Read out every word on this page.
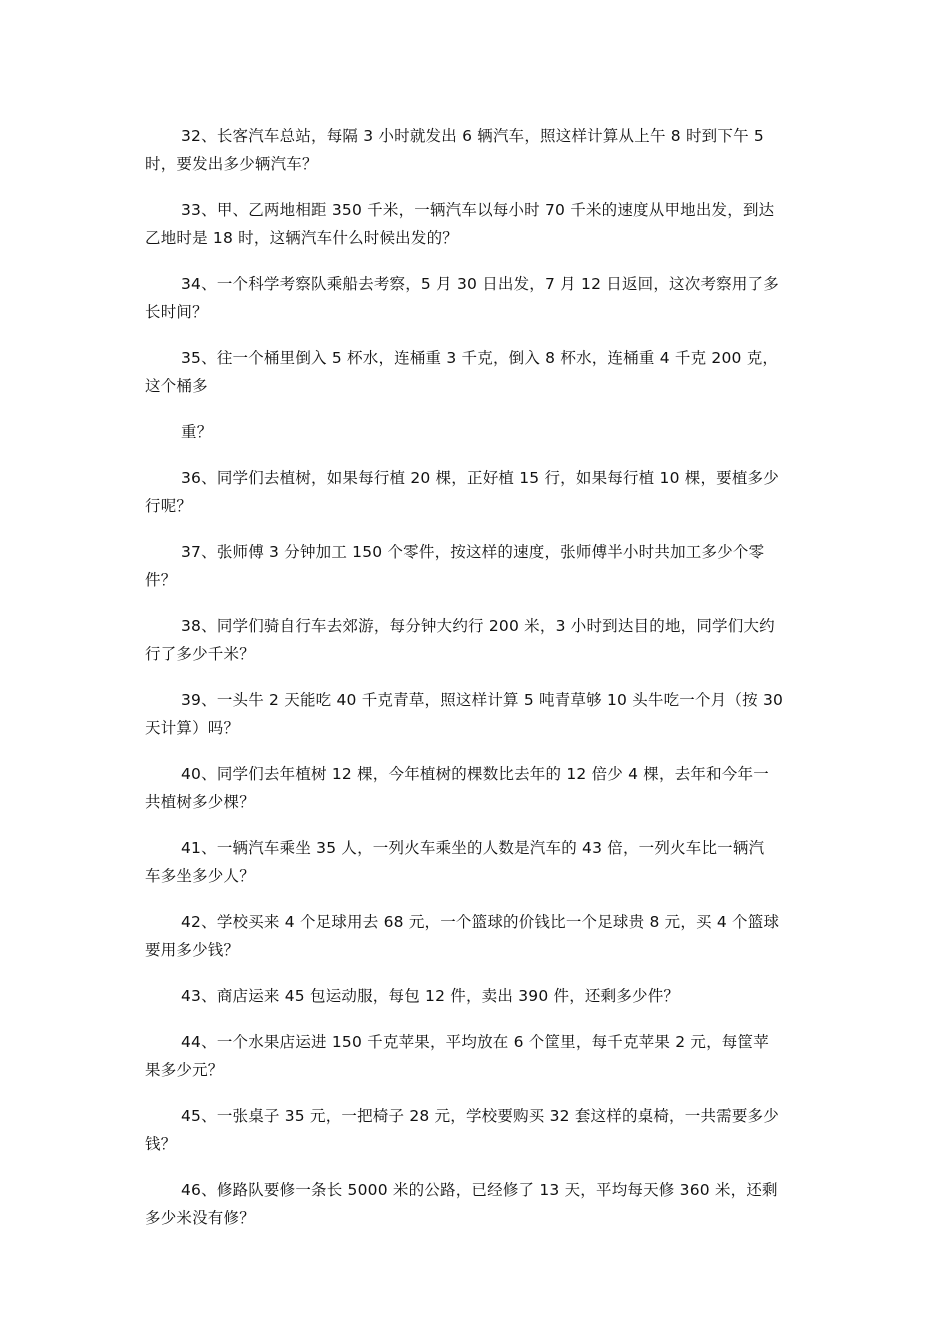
32、长客汽车总站，每隔 3 小时就发出 6 辆汽车，照这样计算从上午 8 时到下午 5
时，要发出多少辆汽车？
33、甲、乙两地相距 350 千米，一辆汽车以每小时 70 千米的速度从甲地出发，到达
乙地时是 18 时，这辆汽车什么时候出发的？
34、一个科学考察队乘船去考察，5 月 30 日出发，7 月 12 日返回，这次考察用了多
长时间？
35、往一个桶里倒入 5 杯水，连桶重 3 千克，倒入 8 杯水，连桶重 4 千克 200 克，
这个桶多
重？
36、同学们去植树，如果每行植 20 棵，正好植 15 行，如果每行植 10 棵，要植多少
行呢？
37、张师傅 3 分钟加工 150 个零件，按这样的速度，张师傅半小时共加工多少个零
件？
38、同学们骑自行车去郊游，每分钟大约行 200 米，3 小时到达目的地，同学们大约
行了多少千米？
39、一头牛 2 天能吃 40 千克青草，照这样计算 5 吨青草够 10 头牛吃一个月（按 30
天计算）吗？
40、同学们去年植树 12 棵，今年植树的棵数比去年的 12 倍少 4 棵，去年和今年一
共植树多少棵？
41、一辆汽车乘坐 35 人，一列火车乘坐的人数是汽车的 43 倍，一列火车比一辆汽
车多坐多少人？
42、学校买来 4 个足球用去 68 元，一个篮球的价钱比一个足球贵 8 元，买 4 个篮球
要用多少钱？
43、商店运来 45 包运动服，每包 12 件，卖出 390 件，还剩多少件？
44、一个水果店运进 150 千克苹果，平均放在 6 个筐里，每千克苹果 2 元，每筐苹
果多少元？
45、一张桌子 35 元，一把椅子 28 元，学校要购买 32 套这样的桌椅，一共需要多少
钱？
46、修路队要修一条长 5000 米的公路，已经修了 13 天，平均每天修 360 米，还剩
多少米没有修？
